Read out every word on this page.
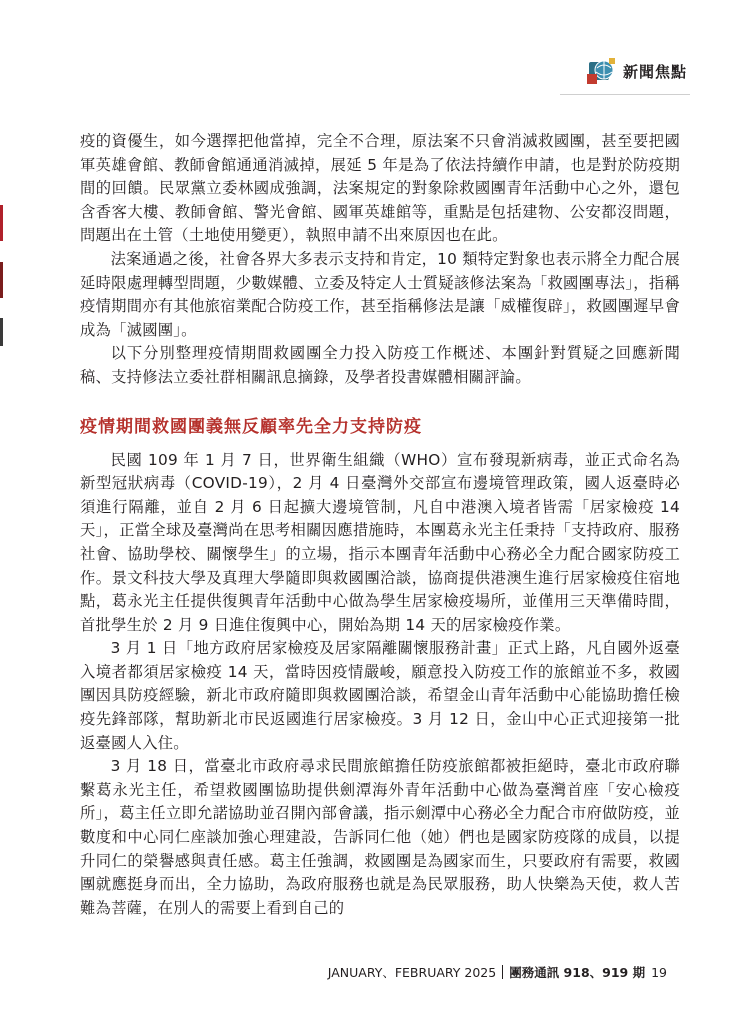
新聞焦點

疫的資優生，如今選擇把他當掉，完全不合理，原法案不只會消滅救國團，甚至要把國軍英雄會館、教師會館通通消滅掉，展延 5 年是為了依法持續作申請，也是對於防疫期間的回饋。民眾黨立委林國成強調，法案規定的對象除救國團青年活動中心之外，還包含香客大樓、教師會館、警光會館、國軍英雄館等，重點是包括建物、公安都沒問題，問題出在土管（土地使用變更），執照申請不出來原因也在此。

法案通過之後，社會各界大多表示支持和肯定，10 類特定對象也表示將全力配合展延時限處理轉型問題，少數媒體、立委及特定人士質疑該修法案為「救國團專法」，指稱疫情期間亦有其他旅宿業配合防疫工作，甚至指稱修法是讓「威權復辟」，救國團遲早會成為「滅國團」。

以下分別整理疫情期間救國團全力投入防疫工作概述、本團針對質疑之回應新聞稿、支持修法立委社群相關訊息摘錄，及學者投書媒體相關評論。

疫情期間救國團義無反顧率先全力支持防疫

民國 109 年 1 月 7 日，世界衛生組織（WHO）宣布發現新病毒，並正式命名為新型冠狀病毒（COVID-19），2 月 4 日臺灣外交部宣布邊境管理政策，國人返臺時必須進行隔離，並自 2 月 6 日起擴大邊境管制，凡自中港澳入境者皆需「居家檢疫 14 天」，正當全球及臺灣尚在思考相關因應措施時，本團葛永光主任秉持「支持政府、服務社會、協助學校、關懷學生」的立場，指示本團青年活動中心務必全力配合國家防疫工作。景文科技大學及真理大學隨即與救國團洽談，協商提供港澳生進行居家檢疫住宿地點，葛永光主任提供復興青年活動中心做為學生居家檢疫場所，並僅用三天準備時間，首批學生於 2 月 9 日進住復興中心，開始為期 14 天的居家檢疫作業。

3 月 1 日「地方政府居家檢疫及居家隔離關懷服務計畫」正式上路，凡自國外返臺入境者都須居家檢疫 14 天，當時因疫情嚴峻，願意投入防疫工作的旅館並不多，救國團因具防疫經驗，新北市政府隨即與救國團洽談，希望金山青年活動中心能協助擔任檢疫先鋒部隊，幫助新北市民返國進行居家檢疫。3 月 12 日，金山中心正式迎接第一批返臺國人入住。

3 月 18 日，當臺北市政府尋求民間旅館擔任防疫旅館都被拒絕時，臺北市政府聯繫葛永光主任，希望救國團協助提供劍潭海外青年活動中心做為臺灣首座「安心檢疫所」，葛主任立即允諾協助並召開內部會議，指示劍潭中心務必全力配合市府做防疫，並數度和中心同仁座談加強心理建設，告訴同仁他（她）們也是國家防疫隊的成員，以提升同仁的榮譽感與責任感。葛主任強調，救國團是為國家而生，只要政府有需要，救國團就應挺身而出，全力協助，為政府服務也就是為民眾服務，助人快樂為天使，救人苦難為菩薩，在別人的需要上看到自己的

JANUARY、FEBRUARY 2025 團務通訊 918、919 期 19
